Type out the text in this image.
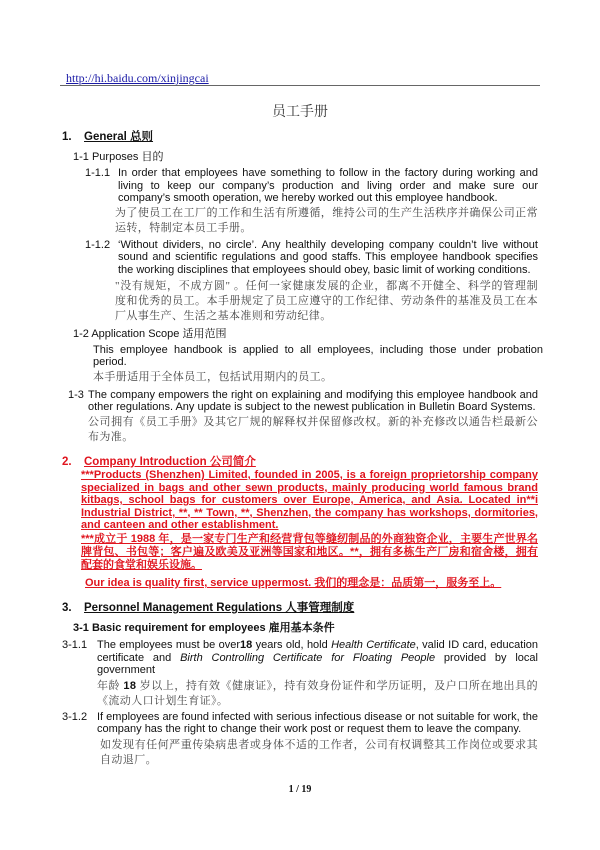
http://hi.baidu.com/xinjingcai
员工手册
1. General 总则
1-1 Purposes 目的
1-1.1 In order that employees have something to follow in the factory during working and living to keep our company’s production and living order and make sure our company’s smooth operation, we hereby worked out this employee handbook.
为了使员工在工厂的工作和生活有所遵循，维持公司的生产生活秩序并确保公司正常运转，特制定本员工手册。
1-1.2 ‘Without dividers, no circle’. Any healthily developing company couldn’t live without sound and scientific regulations and good staffs. This employee handbook specifies the working disciplines that employees should obey, basic limit of working conditions.
"没有规矩，不成方圆" 。任何一家健康发展的企业，都离不开健全、科学的管理制度和优秀的员工。本手册规定了员工应遵守的工作纪律、劳动条件的基准及员工在本厂从事生产、生活之基本准则和劳动纪律。
1-2 Application Scope 适用范围
This employee handbook is applied to all employees, including those under probation period.
本手册适用于全体员工，包括试用期内的员工。
1-3 The company empowers the right on explaining and modifying this employee handbook and other regulations. Any update is subject to the newest publication in Bulletin Board Systems.
公司拥有《员工手册》及其它厂规的解释权并保留修改权。新的补充修改以通告栏最新公布为准。
2. Company Introduction 公司简介
***Products (Shenzhen) Limited, founded in 2005, is a foreign proprietorship company specialized in bags and other sewn products, mainly producing world famous brand kitbags, school bags for customers over Europe, America, and Asia. Located in**i Industrial District, **, ** Town, **, Shenzhen, the company has workshops, dormitories, and canteen and other establishment.
***成立于 1988 年，是一家专门生产和经营背包等缝纫制品的外商独资企业，主要生产世界名牌背包、书包等；客户遍及欧美及亚洲等国家和地区。**，拥有多栋生产厂房和宿舍楼，拥有配套的食堂和娱乐设施。
Our idea is quality first, service uppermost. 我们的理念是：品质第一，服务至上。
3. Personnel Management Regulations 人事管理制度
3-1 Basic requirement for employees 雇用基本条件
3-1.1 The employees must be over18 years old, hold Health Certificate, valid ID card, education certificate and Birth Controlling Certificate for Floating People provided by local government
年龄 18 岁以上，持有效《健康证》，持有效身份证件和学历证明，及户口所在地出具的《流动人口计划生育证》。
3-1.2 If employees are found infected with serious infectious disease or not suitable for work, the company has the right to change their work post or request them to leave the company.
如发现有任何严重传染病患者或身体不适的工作者，公司有权调整其工作岗位或要求其自动退厂。
1 / 19
